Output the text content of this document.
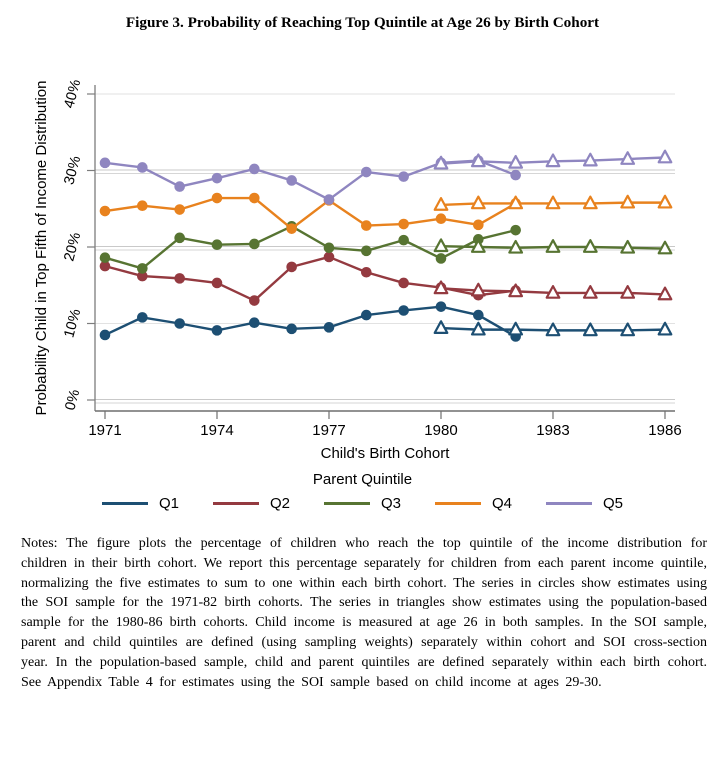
Figure 3. Probability of Reaching Top Quintile at Age 26 by Birth Cohort
0%
10%
20%
30%
40%
Probability Child in Top Fifth of Income Distribution
1971	1974	1977	1980	1983	1986
Child's Birth Cohort
Parent Quintile
Q1	Q2	Q3	Q4	Q5

Notes: The figure plots the percentage of children who reach the top quintile of the income distribution for children in their birth cohort. We report this percentage separately for children from each parent income quintile, normalizing the five estimates to sum to one within each birth cohort. The series in circles show estimates using the SOI sample for the 1971-82 birth cohorts. The series in triangles show estimates using the population-based sample for the 1980-86 birth cohorts. Child income is measured at age 26 in both samples. In the SOI sample, parent and child quintiles are defined (using sampling weights) separately within cohort and SOI cross-section year. In the population-based sample, child and parent quintiles are defined separately within each birth cohort. See Appendix Table 4 for estimates using the SOI sample based on child income at ages 29-30.
